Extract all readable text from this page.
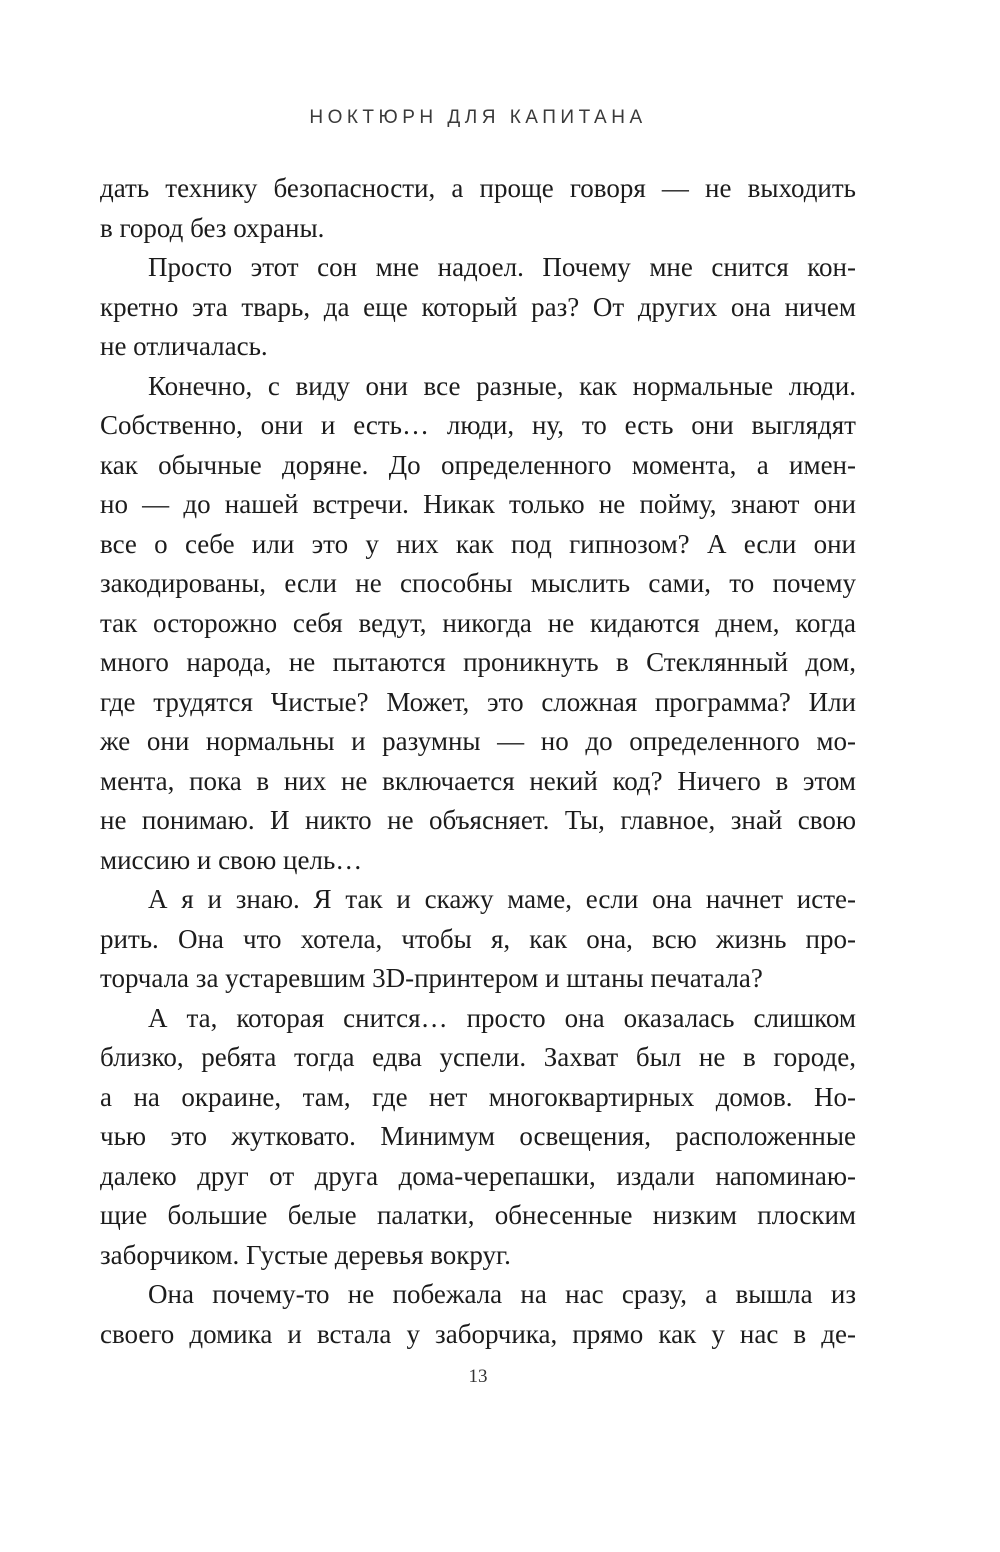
НОКТЮРН ДЛЯ КАПИТАНА
дать технику безопасности, а проще говоря — не выходить
в город без охраны.
Просто этот сон мне надоел. Почему мне снится кон-
кретно эта тварь, да еще который раз? От других она ничем
не отличалась.
Конечно, с виду они все разные, как нормальные люди.
Собственно, они и есть… люди, ну, то есть они выглядят
как обычные доряне. До определенного момента, а имен-
но — до нашей встречи. Никак только не пойму, знают они
все о себе или это у них как под гипнозом? А если они
закодированы, если не способны мыслить сами, то почему
так осторожно себя ведут, никогда не кидаются днем, когда
много народа, не пытаются проникнуть в Стеклянный дом,
где трудятся Чистые? Может, это сложная программа? Или
же они нормальны и разумны — но до определенного мо-
мента, пока в них не включается некий код? Ничего в этом
не понимаю. И никто не объясняет. Ты, главное, знай свою
миссию и свою цель…
А я и знаю. Я так и скажу маме, если она начнет исте-
рить. Она что хотела, чтобы я, как она, всю жизнь про-
торчала за устаревшим 3D-принтером и штаны печатала?
А та, которая снится… просто она оказалась слишком
близко, ребята тогда едва успели. Захват был не в городе,
а на окраине, там, где нет многоквартирных домов. Но-
чью это жутковато. Минимум освещения, расположенные
далеко друг от друга дома-черепашки, издали напоминаю-
щие большие белые палатки, обнесенные низким плоским
заборчиком. Густые деревья вокруг.
Она почему-то не побежала на нас сразу, а вышла из
своего домика и встала у заборчика, прямо как у нас в де-
13
